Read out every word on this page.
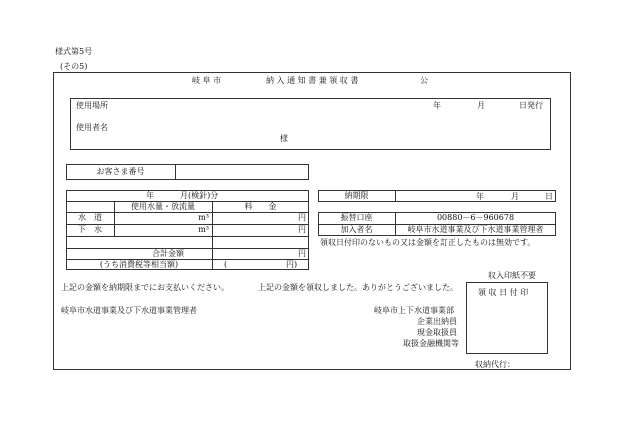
様式第5号
(その5)
岐 阜 市	納 入 通 知 書 兼 領 収 書	公
使用場所	年	月	日発行
使用者名
様
お客さま番号
年	月(検針)分
使用水量・放流量	料　　金
水　道	m³	円
下　水	m³	円
合計金額	円
(うち消費税等相当額)	(	円)
納期限	年	月	日
振替口座	00880－6－960678
加入者名	岐阜市水道事業及び下水道事業管理者
領収日付印のないもの又は金額を訂正したものは無効です。
収入印紙不要
領 収 日 付 印
上記の金額を納期限までにお支払いください。	上記の金額を領収しました。ありがとうございました。
岐阜市水道事業及び下水道事業管理者	岐阜市上下水道事業部
企業出納員
現金取扱員
取扱金融機関等
収納代行：
